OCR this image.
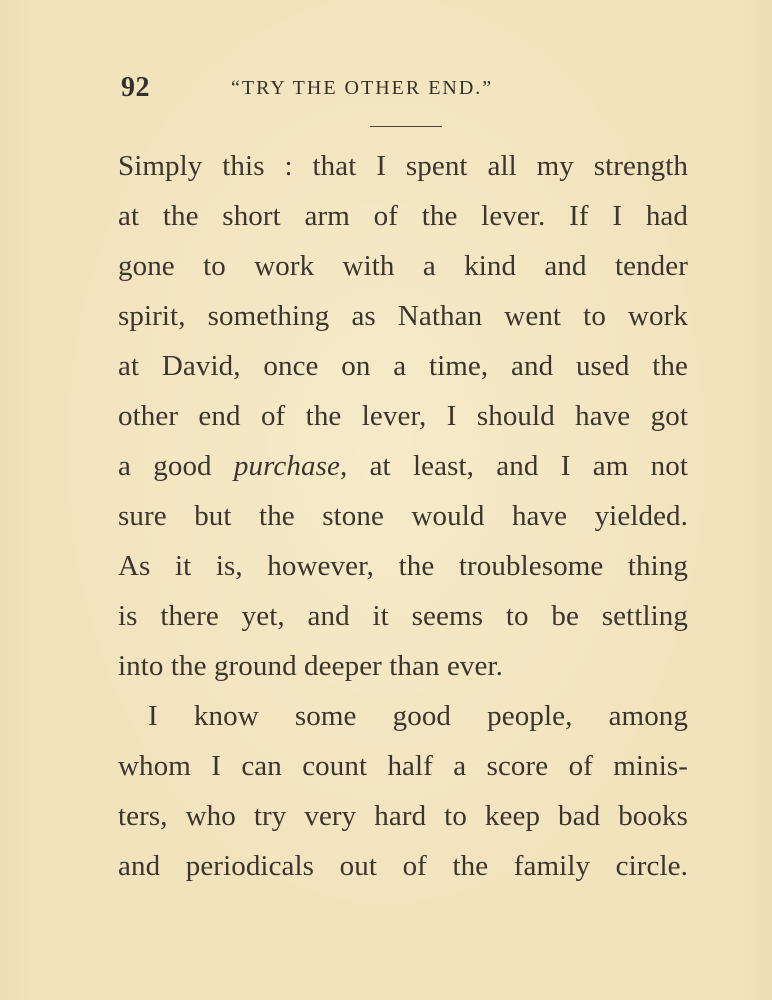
92	“TRY THE OTHER END.”
Simply this : that I spent all my strength
at the short arm of the lever. If I had
gone to work with a kind and tender
spirit, something as Nathan went to work
at David, once on a time, and used the
other end of the lever, I should have got
a good purchase, at least, and I am not
sure but the stone would have yielded.
As it is, however, the troublesome thing
is there yet, and it seems to be settling
into the ground deeper than ever.
I know some good people, among
whom I can count half a score of minis-
ters, who try very hard to keep bad books
and periodicals out of the family circle.
